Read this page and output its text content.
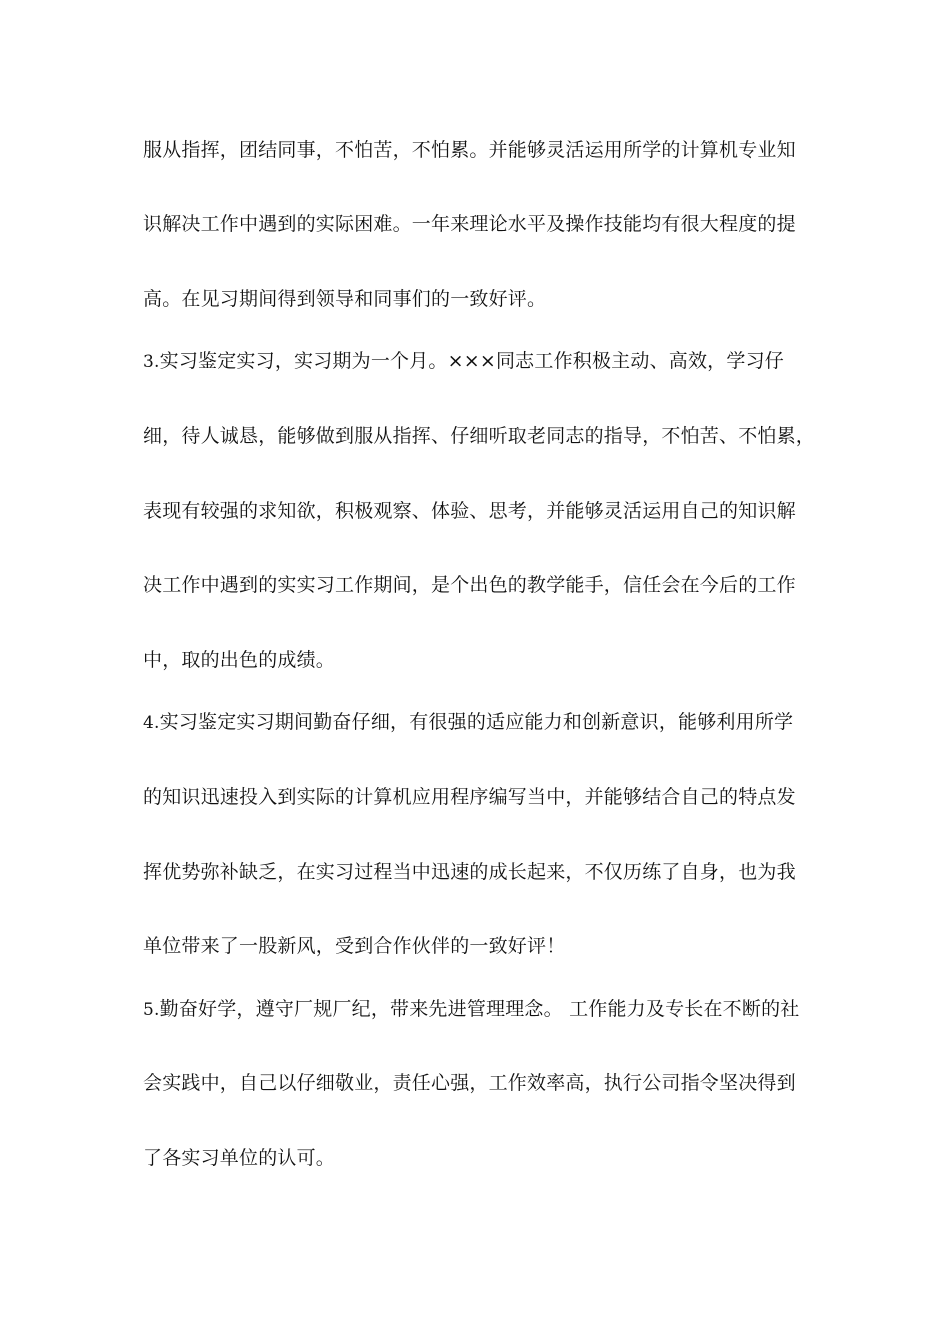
服从指挥，团结同事，不怕苦，不怕累。并能够灵活运用所学的计算机专业知
识解决工作中遇到的实际困难。一年来理论水平及操作技能均有很大程度的提
高。在见习期间得到领导和同事们的一致好评。
3.实习鉴定实习，实习期为一个月。×××同志工作积极主动、高效，学习仔
细，待人诚恳，能够做到服从指挥、仔细听取老同志的指导，不怕苦、不怕累，
表现有较强的求知欲，积极观察、体验、思考，并能够灵活运用自己的知识解
决工作中遇到的实实习工作期间，是个出色的教学能手，信任会在今后的工作
中，取的出色的成绩。
4.实习鉴定实习期间勤奋仔细，有很强的适应能力和创新意识，能够利用所学
的知识迅速投入到实际的计算机应用程序编写当中，并能够结合自己的特点发
挥优势弥补缺乏，在实习过程当中迅速的成长起来，不仅历练了自身，也为我
单位带来了一股新风，受到合作伙伴的一致好评！
5.勤奋好学，遵守厂规厂纪，带来先进管理理念。 工作能力及专长在不断的社
会实践中，自己以仔细敬业，责任心强，工作效率高，执行公司指令坚决得到
了各实习单位的认可。
